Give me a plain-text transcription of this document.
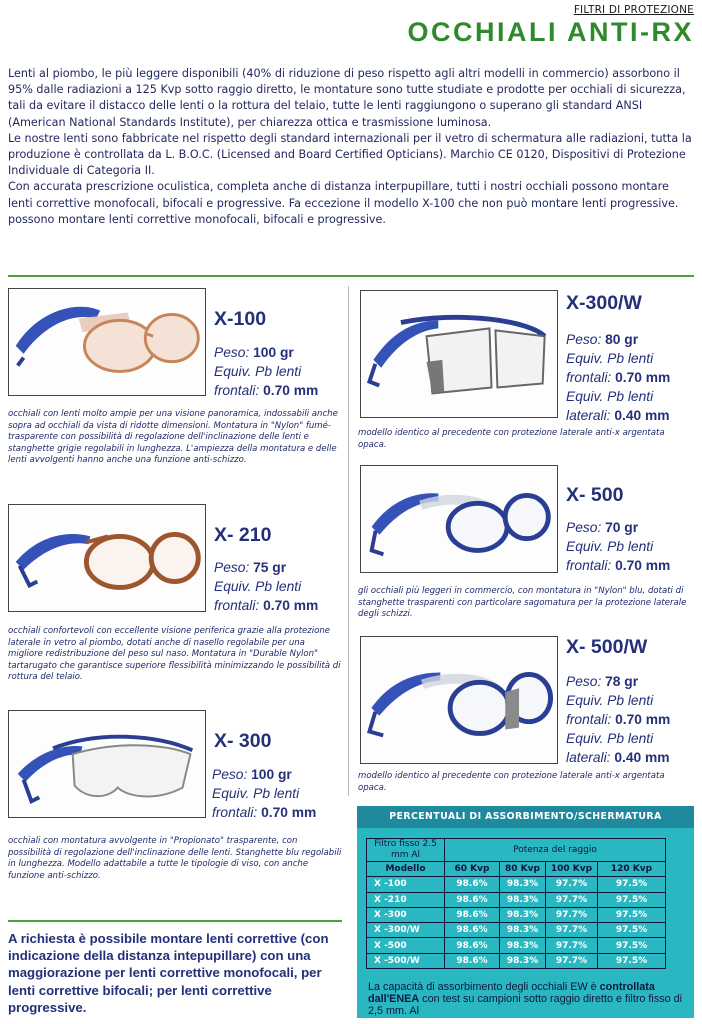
FILTRI DI PROTEZIONE
OCCHIALI ANTI-RX

Lenti al piombo, le più leggere disponibili (40% di riduzione di peso rispetto agli altri modelli in commercio) assorbono il 95% dalle radiazioni a 125 Kvp sotto raggio diretto, le montature sono tutte studiate e prodotte per occhiali di sicurezza, tali da evitare il distacco delle lenti o la rottura del telaio, tutte le lenti raggiungono o superano gli standard ANSI (American National Standards Institute), per chiarezza ottica e trasmissione luminosa.

Le nostre lenti sono fabbricate nel rispetto degli standard internazionali per il vetro di schermatura alle radiazioni, tutta la produzione è controllata da L. B.O.C. (Licensed and Board Certified Opticians). Marchio CE 0120, Dispositivi di Protezione Individuale di Categoria II.

Con accurata prescrizione oculistica, completa anche di distanza interpupillare, tutti i nostri occhiali possono montare lenti correttive monofocali, bifocali e progressive. Fa eccezione il modello X-100 che non può montare lenti progressive. possono montare lenti correttive monofocali, bifocali e progressive.

X-100
Peso: 100 gr
Equiv. Pb lenti
frontali: 0.70 mm
occhiali con lenti molto ampie per una visione panoramica, indossabili anche sopra ad occhiali da vista di ridotte dimensioni. Montatura in "Nylon" fumé-trasparente con possibilità di regolazione dell'inclinazione delle lenti e stanghette grigie regolabili in lunghezza. L'ampiezza della montatura e delle lenti avvolgenti hanno anche una funzione anti-schizzo.
X- 210
Peso: 75 gr
Equiv. Pb lenti
frontali: 0.70 mm
occhiali confortevoli con eccellente visione periferica grazie alla protezione laterale in vetro al piombo, dotati anche di nasello regolabile per una migliore redistribuzione del peso sul naso. Montatura in "Durable Nylon" tartarugato che garantisce superiore flessibilità minimizzando le possibilità di rottura del telaio.
X- 300
Peso: 100 gr
Equiv. Pb lenti
frontali: 0.70 mm
occhiali con montatura avvolgente in "Propionato" trasparente, con possibilità di regolazione dell'inclinazione delle lenti. Stanghette blu regolabili in lunghezza. Modello adattabile a tutte le tipologie di viso, con anche funzione anti-schizzo.
A richiesta è possibile montare lenti correttive (con indicazione della distanza intepupillare) con una maggiorazione per lenti correttive monofocali, per lenti correttive bifocali; per lenti correttive progressive.
X-300/W
Peso: 80 gr
Equiv. Pb lenti
frontali: 0.70 mm
Equiv. Pb lenti
laterali: 0.40 mm
modello identico al precedente con protezione laterale anti-x argentata opaca.
X- 500
Peso: 70 gr
Equiv. Pb lenti
frontali: 0.70 mm
gli occhiali più leggeri in commercio, con montatura in "Nylon" blu, dotati di stanghette trasparenti con particolare sagomatura per la protezione laterale degli schizzi.
X- 500/W
Peso: 78 gr
Equiv. Pb lenti
frontali: 0.70 mm
Equiv. Pb lenti
laterali: 0.40 mm
modello identico al precedente con protezione laterale anti-x argentata opaca.
PERCENTUALI DI ASSORBIMENTO/SCHERMATURA
Filtro fisso 2.5 mm Al	Potenza del raggio			
Modello	60 Kvp	80 Kvp	100 Kvp	120 Kvp
X -100	98.6%	98.3%	97.7%	97.5%
X -210	98.6%	98.3%	97.7%	97.5%
X -300	98.6%	98.3%	97.7%	97.5%
X -300/W	98.6%	98.3%	97.7%	97.5%
X -500	98.6%	98.3%	97.7%	97.5%
X -500/W	98.6%	98.3%	97.7%	97.5%
La capacità di assorbimento degli occhiali EW è controllata dall'ENEA con test su campioni sotto raggio diretto e filtro fisso di 2,5 mm. Al
